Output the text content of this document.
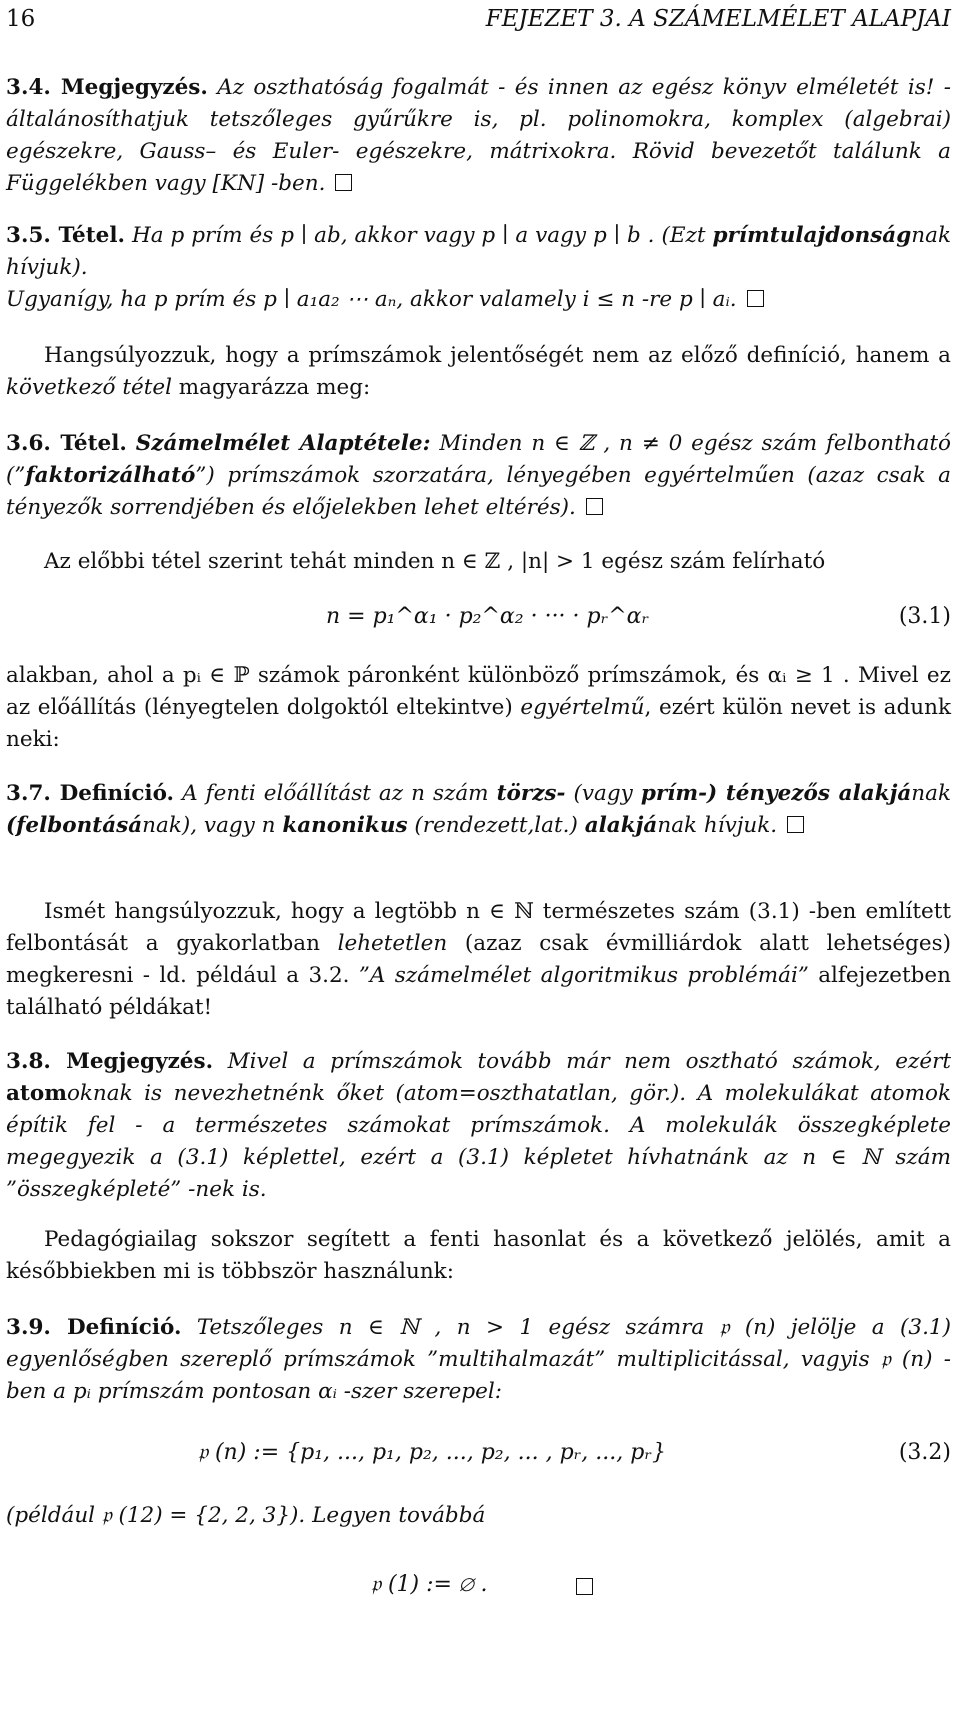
16	FEJEZET 3. A SZÁMELMÉLET ALAPJAI
3.4. Megjegyzés. Az oszthatóság fogalmát - és innen az egész könyv elméletét is! - általánosíthatjuk tetszőleges gyűrűkre is, pl. polinomokra, komplex (algebrai) egészekre, Gauss– és Euler- egészekre, mátrixokra. Rövid bevezetőt találunk a Függelékben vagy [KN] -ben.
3.5. Tétel. Ha p prím és p ∣ ab, akkor vagy p ∣ a vagy p ∣ b . (Ezt prímtulajdonságnak hívjuk).
Ugyanígy, ha p prím és p ∣ a₁a₂ ⋯ aₙ, akkor valamely i ≤ n -re p ∣ aᵢ.
Hangsúlyozzuk, hogy a prímszámok jelentőségét nem az előző definíció, hanem a következő tétel magyarázza meg:
3.6. Tétel. Számelmélet Alaptétele: Minden n ∈ ℤ , n ≠ 0 egész szám felbontható (”faktorizálható”) prímszámok szorzatára, lényegében egyértelműen (azaz csak a tényezők sorrendjében és előjelekben lehet eltérés).
Az előbbi tétel szerint tehát minden n ∈ ℤ , |n| > 1 egész szám felírható
n = p₁^α₁ · p₂^α₂ · ··· · pᵣ^αᵣ	(3.1)
alakban, ahol a pᵢ ∈ ℙ számok páronként különböző prímszámok, és αᵢ ≥ 1 . Mivel ez az előállítás (lényegtelen dolgoktól eltekintve) egyértelmű, ezért külön nevet is adunk neki:
3.7. Definíció. A fenti előállítást az n szám törzs- (vagy prím-) tényezős alakjának (felbontásának), vagy n kanonikus (rendezett,lat.) alakjának hívjuk.
Ismét hangsúlyozzuk, hogy a legtöbb n ∈ ℕ természetes szám (3.1) -ben említett felbontását a gyakorlatban lehetetlen (azaz csak évmilliárdok alatt lehetséges) megkeresni - ld. például a 3.2. ”A számelmélet algoritmikus problémái” alfejezetben található példákat!
3.8. Megjegyzés. Mivel a prímszámok tovább már nem osztható számok, ezért atomoknak is nevezhetnénk őket (atom=oszthatatlan, gör.). A molekulákat atomok építik fel - a természetes számokat prímszámok. A molekulák összegképlete megegyezik a (3.1) képlettel, ezért a (3.1) képletet hívhatnánk az n ∈ ℕ szám ”összegképleté” -nek is.
Pedagógiailag sokszor segített a fenti hasonlat és a következő jelölés, amit a későbbiekben mi is többször használunk:
3.9. Definíció. Tetszőleges n ∈ ℕ , n > 1 egész számra 𝔭 (n) jelölje a (3.1) egyenlőségben szereplő prímszámok ”multihalmazát” multiplicitással, vagyis 𝔭 (n) -ben a pᵢ prímszám pontosan αᵢ -szer szerepel:
𝔭 (n) := {p₁, ..., p₁, p₂, ..., p₂, ... , pᵣ, ..., pᵣ}	(3.2)
(például 𝔭 (12) = {2, 2, 3}). Legyen továbbá
𝔭 (1) := ∅ .
